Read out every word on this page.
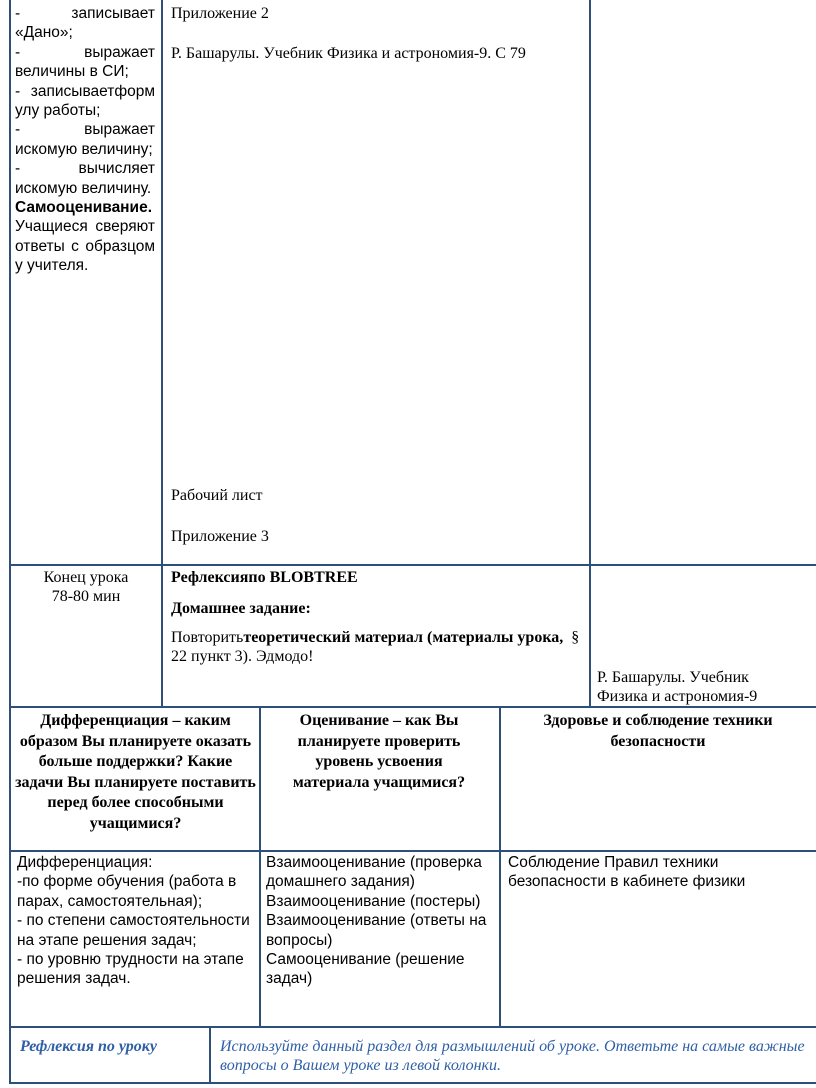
- записывает «Дано»;

- выражает величины в СИ;

- записываетформулу работы;

- выражает искомую величину;

- вычисляет искомую величину.

Самооценивание. Учащиеся сверяют ответы с образцом у учителя.

Приложение 2

Р. Башарулы. Учебник Физика и астрономия-9. С 79

Рабочий лист

Приложение 3

Конец урока

78-80 мин

Рефлексияпо BLOBTREE

Домашнее задание:

Повторитьтеоретический материал (материалы урока, § 22 пункт 3). Эдмодо!

Р. Башарулы. Учебник

Физика и астрономия-9

Дифференциация – каким образом Вы планируете оказать больше поддержки? Какие задачи Вы планируете поставить перед более способными учащимися?
Оценивание – как Вы планируете проверить уровень усвоения материала учащимися?
Здоровье и соблюдение техники безопасности

Дифференциация:

-по форме обучения (работа в парах, самостоятельная);

- по степени самостоятельности на этапе решения задач;

- по уровню трудности на этапе решения задач.

Взаимооценивание (проверка домашнего задания)

Взаимооценивание (постеры)

Взаимооценивание (ответы на вопросы)

Самооценивание (решение задач)

Соблюдение Правил техники безопасности в кабинете физики

Рефлексия по уроку	Используйте данный раздел для размышлений об уроке. Ответьте на самые важные вопросы о Вашем уроке из левой колонки.
